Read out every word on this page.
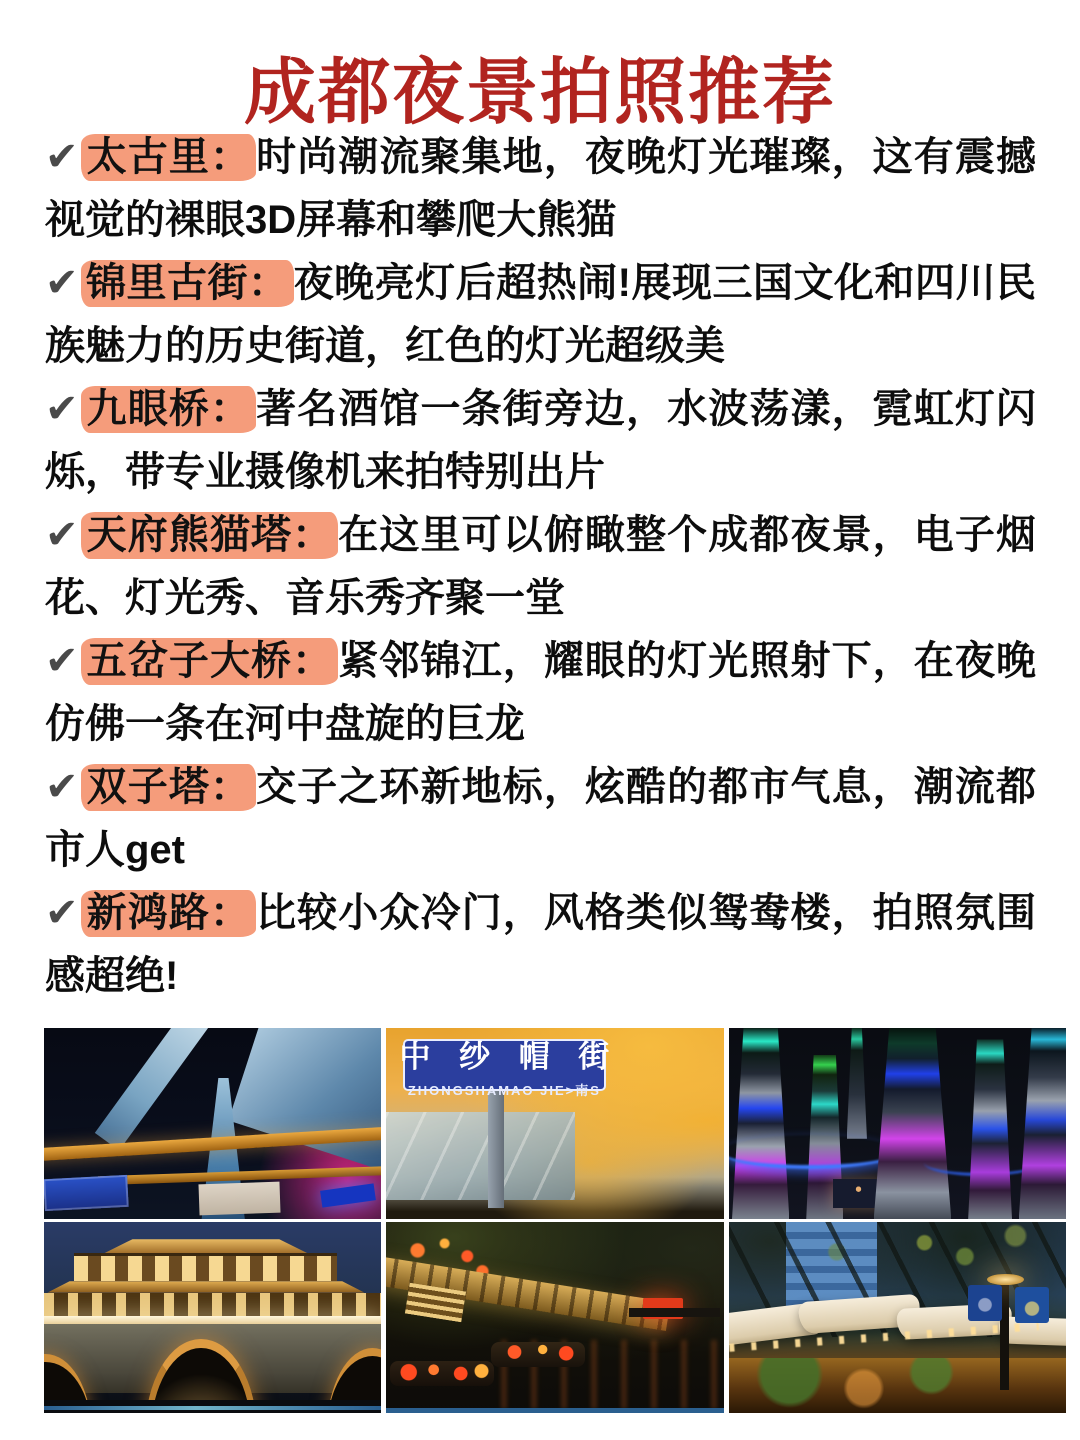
成都夜景拍照推荐

✔ 太古里： 时尚潮流聚集地，夜晚灯光璀璨，这有震撼视觉的裸眼3D屏幕和攀爬大熊猫

✔ 锦里古街： 夜晚亮灯后超热闹!展现三国文化和四川民族魅力的历史街道，红色的灯光超级美

✔ 九眼桥： 著名酒馆一条街旁边，水波荡漾，霓虹灯闪烁，带专业摄像机来拍特别出片

✔ 天府熊猫塔： 在这里可以俯瞰整个成都夜景，电子烟花、灯光秀、音乐秀齐聚一堂

✔ 五岔子大桥： 紧邻锦江，耀眼的灯光照射下，在夜晚仿佛一条在河中盘旋的巨龙

✔ 双子塔： 交子之环新地标，炫酷的都市气息，潮流都市人get

✔ 新鸿路： 比较小众冷门，风格类似鸳鸯楼，拍照氛围感超绝!

中 纱 帽 街
ZHONGSHAMAO JIE>南S
